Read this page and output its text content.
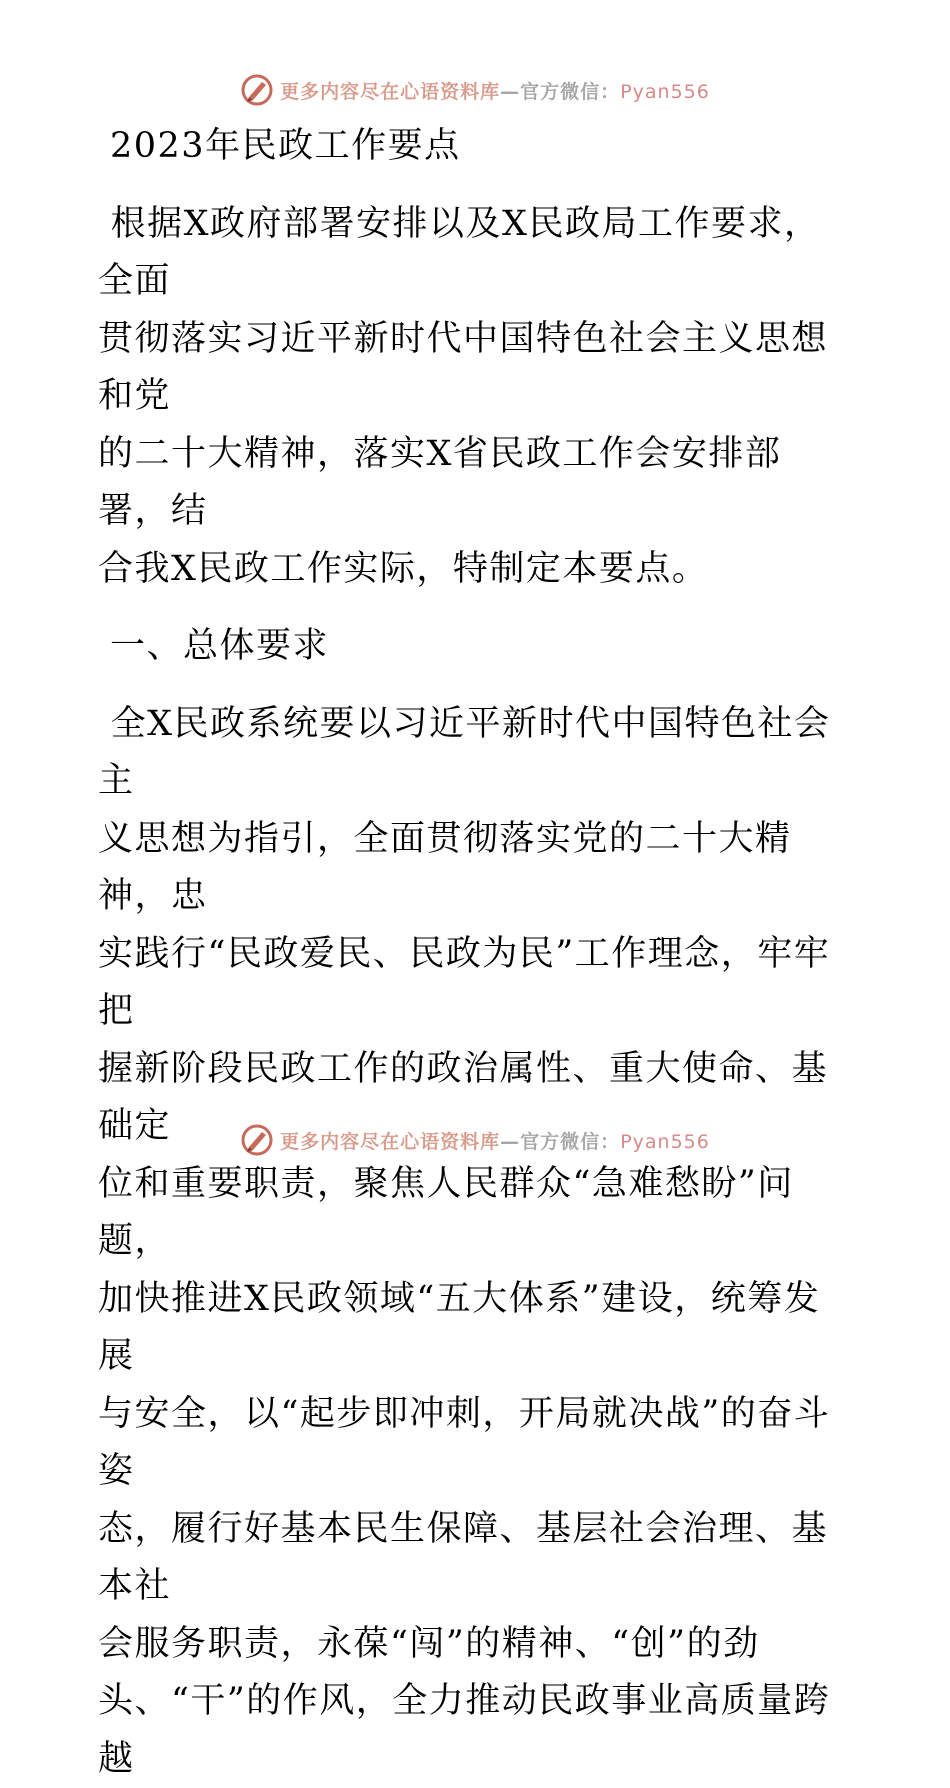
更多内容尽在心语资料库—官方微信：Pyan556

2023年民政工作要点

根据X政府部署安排以及X民政局工作要求，全面

贯彻落实习近平新时代中国特色社会主义思想和党

的二十大精神，落实X省民政工作会安排部署，结

合我X民政工作实际，特制定本要点。

一、总体要求

全X民政系统要以习近平新时代中国特色社会主

义思想为指引，全面贯彻落实党的二十大精神，忠

实践行“民政爱民、民政为民”工作理念，牢牢把

握新阶段民政工作的政治属性、重大使命、基础定

位和重要职责，聚焦人民群众“急难愁盼”问题，

加快推进X民政领域“五大体系”建设，统筹发展

与安全，以“起步即冲刺，开局就决战”的奋斗姿

态，履行好基本民生保障、基层社会治理、基本社

会服务职责，永葆“闯”的精神、“创”的劲

头、“干”的作风，全力推动民政事业高质量跨越

更多内容尽在心语资料库—官方微信：Pyan556
